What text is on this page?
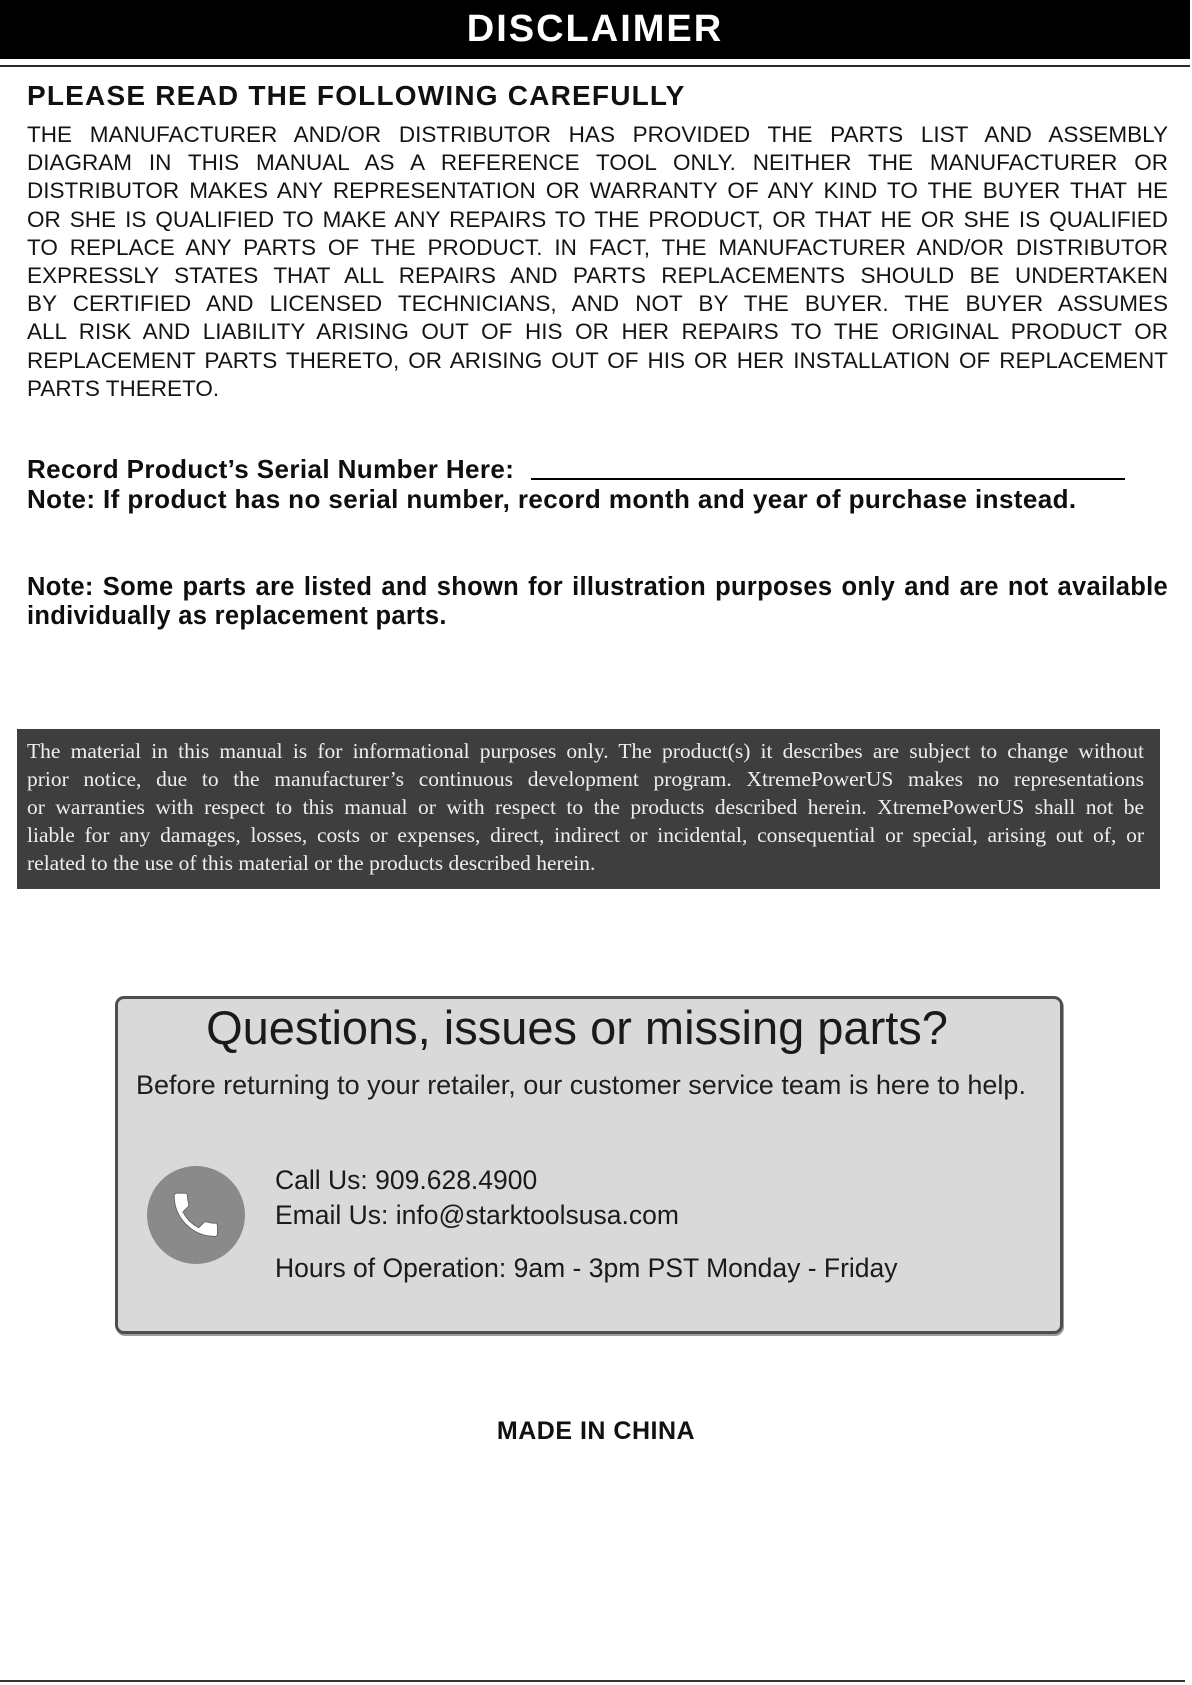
DISCLAIMER
PLEASE READ THE FOLLOWING CAREFULLY
THE MANUFACTURER AND/OR DISTRIBUTOR HAS PROVIDED THE PARTS LIST AND ASSEMBLY
DIAGRAM IN THIS MANUAL AS A REFERENCE TOOL ONLY. NEITHER THE MANUFACTURER OR
DISTRIBUTOR MAKES ANY REPRESENTATION OR WARRANTY OF ANY KIND TO THE BUYER THAT HE
OR SHE IS QUALIFIED TO MAKE ANY REPAIRS TO THE PRODUCT, OR THAT HE OR SHE IS QUALIFIED
TO REPLACE ANY PARTS OF THE PRODUCT. IN FACT, THE MANUFACTURER AND/OR DISTRIBUTOR
EXPRESSLY STATES THAT ALL REPAIRS AND PARTS REPLACEMENTS SHOULD BE UNDERTAKEN
BY CERTIFIED AND LICENSED TECHNICIANS, AND NOT BY THE BUYER. THE BUYER ASSUMES
ALL RISK AND LIABILITY ARISING OUT OF HIS OR HER REPAIRS TO THE ORIGINAL PRODUCT OR
REPLACEMENT PARTS THERETO, OR ARISING OUT OF HIS OR HER INSTALLATION OF REPLACEMENT
PARTS THERETO.
Record Product’s Serial Number Here:
Note: If product has no serial number, record month and year of purchase instead.
Note: Some parts are listed and shown for illustration purposes only and are not available
individually as replacement parts.
The material in this manual is for informational purposes only. The product(s) it describes are subject to change without
prior notice, due to the manufacturer’s continuous development program. XtremePowerUS makes no representations
or warranties with respect to this manual or with respect to the products described herein. XtremePowerUS shall not be
liable for any damages, losses, costs or expenses, direct, indirect or incidental, consequential or special, arising out of, or
related to the use of this material or the products described herein.
Questions, issues or missing parts?
Before returning to your retailer, our customer service team is here to help.
Call Us: 909.628.4900
Email Us: info@starktoolsusa.com
Hours of Operation: 9am - 3pm PST Monday - Friday
MADE IN CHINA
